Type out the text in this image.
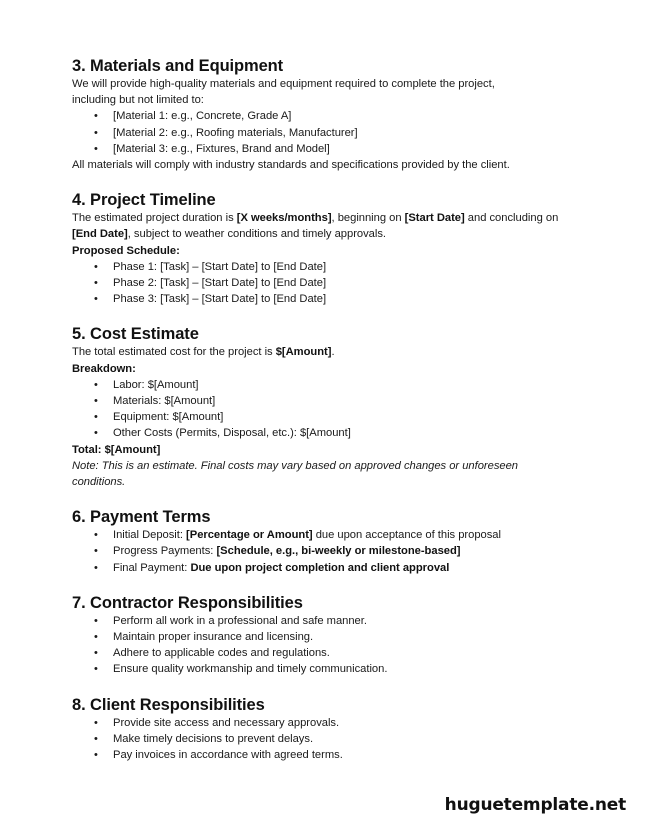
3. Materials and Equipment

We will provide high-quality materials and equipment required to complete the project,

including but not limited to:

• [Material 1: e.g., Concrete, Grade A]
• [Material 2: e.g., Roofing materials, Manufacturer]
• [Material 3: e.g., Fixtures, Brand and Model]

All materials will comply with industry standards and specifications provided by the client.

4. Project Timeline

The estimated project duration is [X weeks/months], beginning on [Start Date] and concluding on [End Date], subject to weather conditions and timely approvals.

Proposed Schedule:

• Phase 1: [Task] – [Start Date] to [End Date]
• Phase 2: [Task] – [Start Date] to [End Date]
• Phase 3: [Task] – [Start Date] to [End Date]
5. Cost Estimate

The total estimated cost for the project is $[Amount].

Breakdown:

• Labor: $[Amount]
• Materials: $[Amount]
• Equipment: $[Amount]
• Other Costs (Permits, Disposal, etc.): $[Amount]

Total: $[Amount]

Note: This is an estimate. Final costs may vary based on approved changes or unforeseen

conditions.

6. Payment Terms
• Initial Deposit: [Percentage or Amount] due upon acceptance of this proposal
• Progress Payments: [Schedule, e.g., bi-weekly or milestone-based]
• Final Payment: Due upon project completion and client approval
7. Contractor Responsibilities
• Perform all work in a professional and safe manner.
• Maintain proper insurance and licensing.
• Adhere to applicable codes and regulations.
• Ensure quality workmanship and timely communication.
8. Client Responsibilities
• Provide site access and necessary approvals.
• Make timely decisions to prevent delays.
• Pay invoices in accordance with agreed terms.
huguetemplate.net
